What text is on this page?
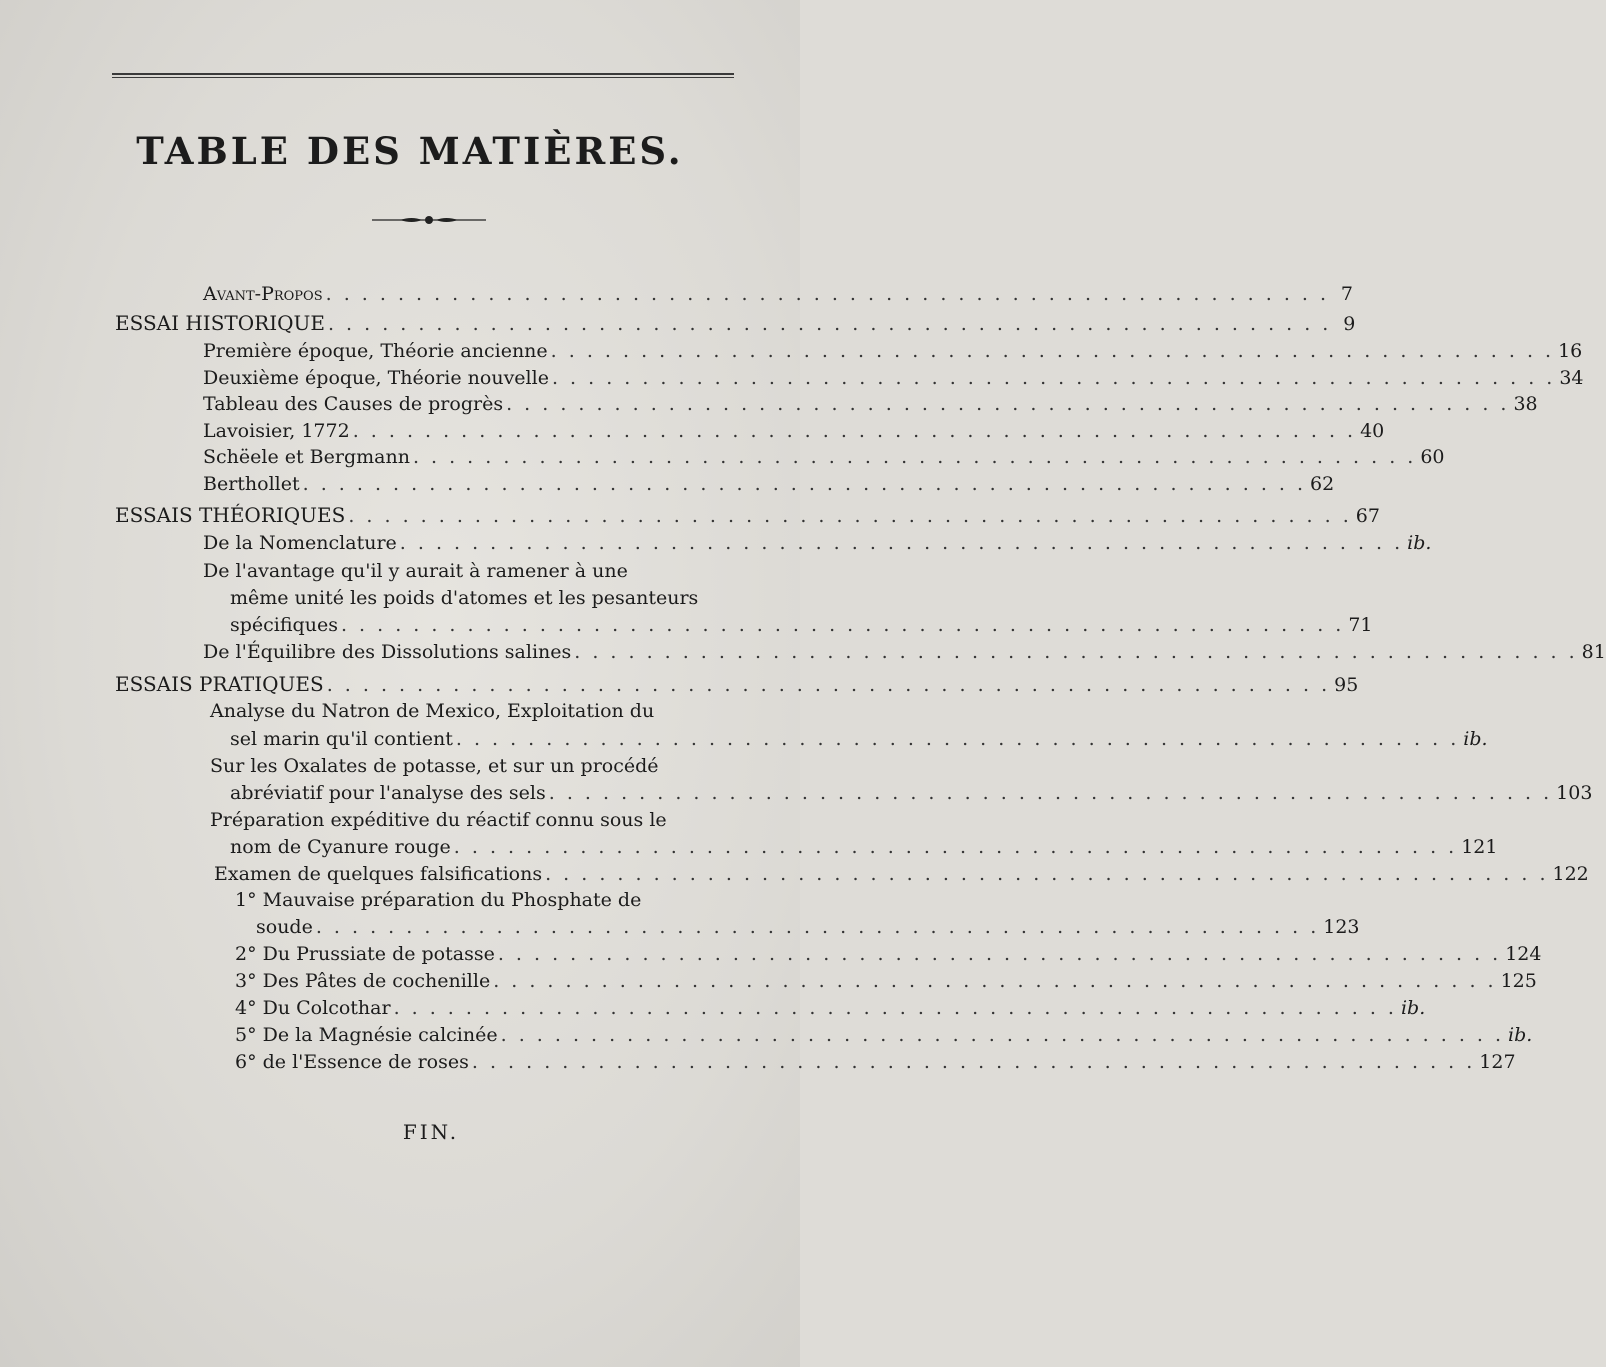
TABLE DES MATIÈRES.
Avant-Propos . . . . . . . . . . . . . . . . . . . . . . . . . . . . . . . . . . . . . . . . . . . . . . . . . . . . . . . . 7
ESSAI HISTORIQUE . . . . . . . . . . . . . . . . . . . . . . . . . . . . . . . . . . . . . . . . . . . . . . . . . . . . . . . . 9
Première époque, Théorie ancienne . . . . . . . . . . . . . . . . . . . . . . . . . . . . . . . . . . . . . . . . . . . . . . . . . . . . . . . . 16
Deuxième époque, Théorie nouvelle . . . . . . . . . . . . . . . . . . . . . . . . . . . . . . . . . . . . . . . . . . . . . . . . . . . . . . . . 34
Tableau des Causes de progrès . . . . . . . . . . . . . . . . . . . . . . . . . . . . . . . . . . . . . . . . . . . . . . . . . . . . . . . . 38
Lavoisier, 1772 . . . . . . . . . . . . . . . . . . . . . . . . . . . . . . . . . . . . . . . . . . . . . . . . . . . . . . . . 40
Schëele et Bergmann . . . . . . . . . . . . . . . . . . . . . . . . . . . . . . . . . . . . . . . . . . . . . . . . . . . . . . . . 60
Berthollet . . . . . . . . . . . . . . . . . . . . . . . . . . . . . . . . . . . . . . . . . . . . . . . . . . . . . . . . 62
ESSAIS THÉORIQUES . . . . . . . . . . . . . . . . . . . . . . . . . . . . . . . . . . . . . . . . . . . . . . . . . . . . . . . . 67
De la Nomenclature . . . . . . . . . . . . . . . . . . . . . . . . . . . . . . . . . . . . . . . . . . . . . . . . . . . . . . . . ib.
De l'avantage qu'il y aurait à ramener à une
même unité les poids d'atomes et les pesanteurs
spécifiques . . . . . . . . . . . . . . . . . . . . . . . . . . . . . . . . . . . . . . . . . . . . . . . . . . . . . . . . 71
De l'Équilibre des Dissolutions salines . . . . . . . . . . . . . . . . . . . . . . . . . . . . . . . . . . . . . . . . . . . . . . . . . . . . . . . . 81
ESSAIS PRATIQUES . . . . . . . . . . . . . . . . . . . . . . . . . . . . . . . . . . . . . . . . . . . . . . . . . . . . . . . . 95
Analyse du Natron de Mexico, Exploitation du
sel marin qu'il contient . . . . . . . . . . . . . . . . . . . . . . . . . . . . . . . . . . . . . . . . . . . . . . . . . . . . . . . . ib.
Sur les Oxalates de potasse, et sur un procédé
abréviatif pour l'analyse des sels . . . . . . . . . . . . . . . . . . . . . . . . . . . . . . . . . . . . . . . . . . . . . . . . . . . . . . . . 103
Préparation expéditive du réactif connu sous le
nom de Cyanure rouge . . . . . . . . . . . . . . . . . . . . . . . . . . . . . . . . . . . . . . . . . . . . . . . . . . . . . . . . 121
Examen de quelques falsifications . . . . . . . . . . . . . . . . . . . . . . . . . . . . . . . . . . . . . . . . . . . . . . . . . . . . . . . . 122
1° Mauvaise préparation du Phosphate de
soude . . . . . . . . . . . . . . . . . . . . . . . . . . . . . . . . . . . . . . . . . . . . . . . . . . . . . . . . 123
2° Du Prussiate de potasse . . . . . . . . . . . . . . . . . . . . . . . . . . . . . . . . . . . . . . . . . . . . . . . . . . . . . . . . 124
3° Des Pâtes de cochenille . . . . . . . . . . . . . . . . . . . . . . . . . . . . . . . . . . . . . . . . . . . . . . . . . . . . . . . . 125
4° Du Colcothar . . . . . . . . . . . . . . . . . . . . . . . . . . . . . . . . . . . . . . . . . . . . . . . . . . . . . . . . ib.
5° De la Magnésie calcinée . . . . . . . . . . . . . . . . . . . . . . . . . . . . . . . . . . . . . . . . . . . . . . . . . . . . . . . . ib.
6° de l'Essence de roses . . . . . . . . . . . . . . . . . . . . . . . . . . . . . . . . . . . . . . . . . . . . . . . . . . . . . . . . 127
FIN.
